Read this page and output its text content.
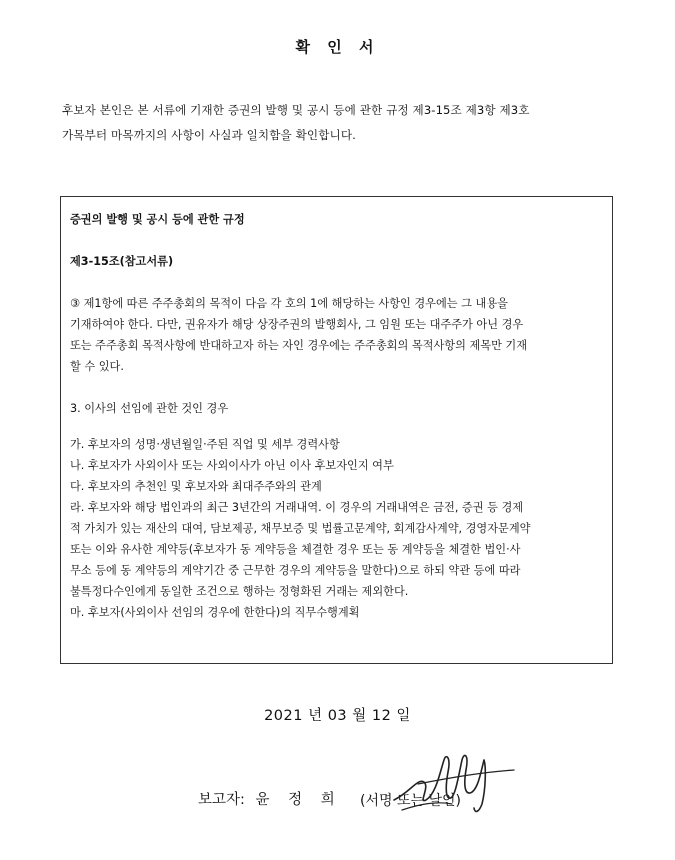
확 인 서

후보자 본인은 본 서류에 기재한 증권의 발행 및 공시 등에 관한 규정 제3-15조 제3항 제3호

가목부터 마목까지의 사항이 사실과 일치함을 확인합니다.

증권의 발행 및 공시 등에 관한 규정

제3-15조(참고서류)

③ 제1항에 따른 주주총회의 목적이 다음 각 호의 1에 해당하는 사항인 경우에는 그 내용을

기재하여야 한다. 다만, 권유자가 해당 상장주권의 발행회사, 그 임원 또는 대주주가 아닌 경우

또는 주주총회 목적사항에 반대하고자 하는 자인 경우에는 주주총회의 목적사항의 제목만 기재

할 수 있다.

3. 이사의 선임에 관한 것인 경우

가. 후보자의 성명·생년월일·주된 직업 및 세부 경력사항

나. 후보자가 사외이사 또는 사외이사가 아닌 이사 후보자인지 여부

다. 후보자의 추천인 및 후보자와 최대주주와의 관계

라. 후보자와 해당 법인과의 최근 3년간의 거래내역. 이 경우의 거래내역은 금전, 증권 등 경제

적 가치가 있는 재산의 대여, 담보제공, 채무보증 및 법률고문계약, 회계감사계약, 경영자문계약

또는 이와 유사한 계약등(후보자가 동 계약등을 체결한 경우 또는 동 계약등을 체결한 법인·사

무소 등에 동 계약등의 계약기간 중 근무한 경우의 계약등을 말한다)으로 하되 약관 등에 따라

불특정다수인에게 동일한 조건으로 행하는 정형화된 거래는 제외한다.

마. 후보자(사외이사 선임의 경우에 한한다)의 직무수행계획

2021 년 03 월 12 일
보고자: 윤 정 희 (서명 또는 날인)
